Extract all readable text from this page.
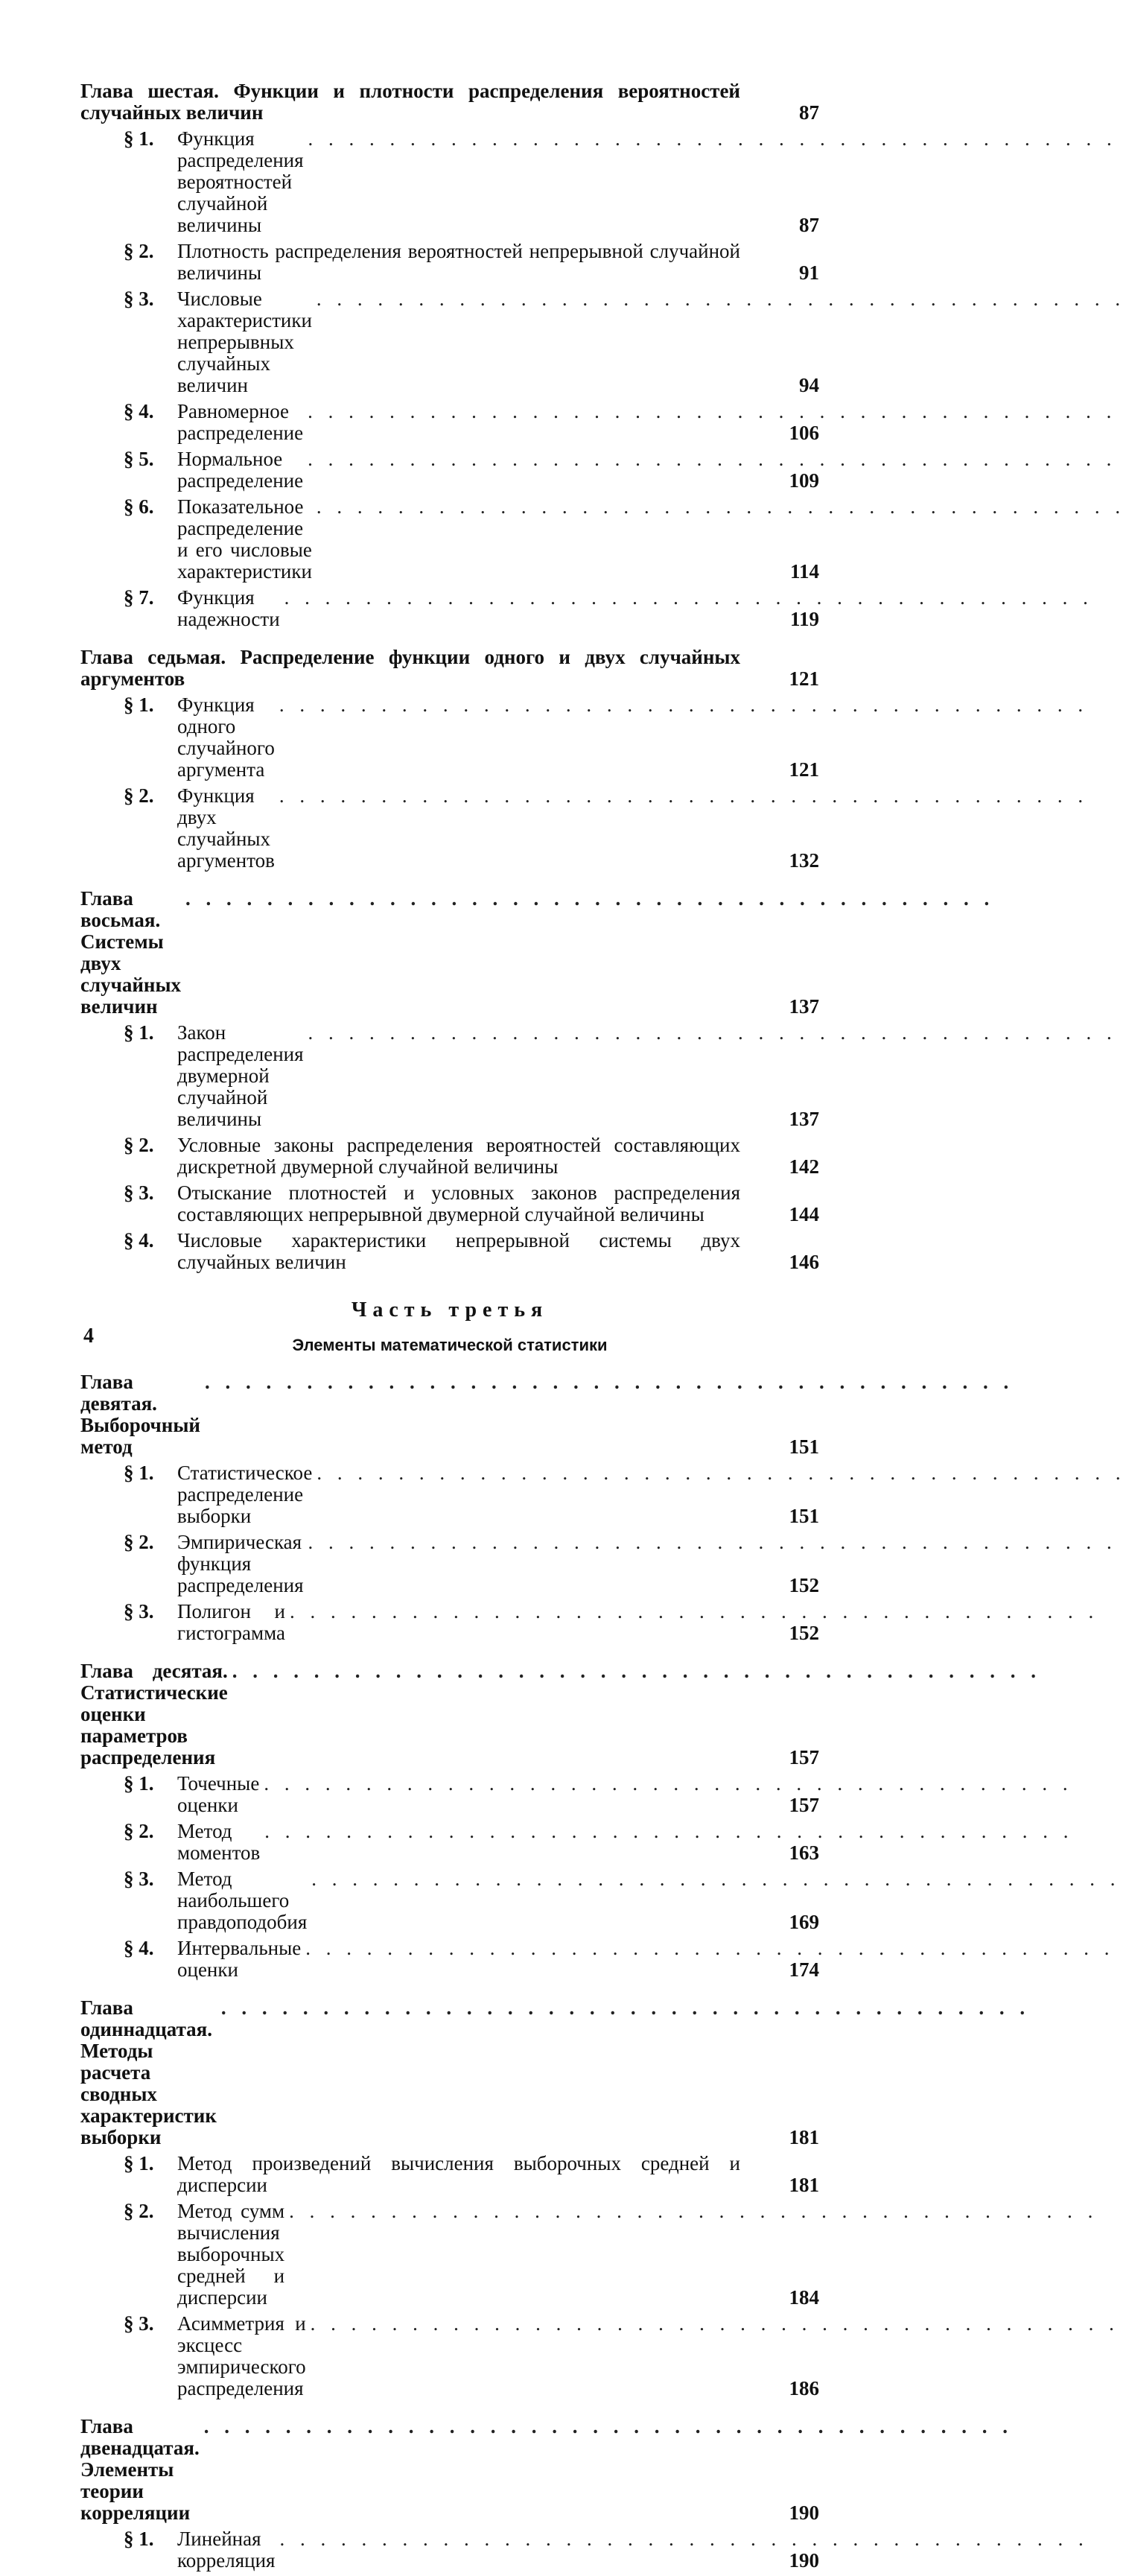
Глава шестая. Функции и плотности распределения вероятностей случайных величин	87
§ 1.	Функция распределения вероятностей случайной величины
. . . . . . . . . . . . . . . . . . . . . . . . . . . . . . . . . . . . . . . .
87
§ 2.	Плотность распределения вероятностей непрерывной случайной величины	91
§ 3.	Числовые характеристики непрерывных случайных величин
. . . . . . . . . . . . . . . . . . . . . . . . . . . . . . . . . . . . . . . .
94
§ 4.	Равномерное распределение
. . . . . . . . . . . . . . . . . . . . . . . . . . . . . . . . . . . . . . . .
106
§ 5.	Нормальное распределение
. . . . . . . . . . . . . . . . . . . . . . . . . . . . . . . . . . . . . . . .
109
§ 6.	Показательное распределение и его числовые характеристики
. . . . . . . . . . . . . . . . . . . . . . . . . . . . . . . . . . . . . . . .
114
§ 7.	Функция надежности
. . . . . . . . . . . . . . . . . . . . . . . . . . . . . . . . . . . . . . . .
119
Глава седьмая. Распределение функции одного и двух случайных аргументов	121
§ 1.	Функция одного случайного аргумента
. . . . . . . . . . . . . . . . . . . . . . . . . . . . . . . . . . . . . . . .
121
§ 2.	Функция двух случайных аргументов
. . . . . . . . . . . . . . . . . . . . . . . . . . . . . . . . . . . . . . . .
132
Глава восьмая. Системы двух случайных величин
. . . . . . . . . . . . . . . . . . . . . . . . . . . . . . . . . . . . . . . .
137
§ 1.	Закон распределения двумерной случайной величины
. . . . . . . . . . . . . . . . . . . . . . . . . . . . . . . . . . . . . . . .
137
§ 2.	Условные законы распределения вероятностей составляющих дискретной двумерной случайной величины	142
§ 3.	Отыскание плотностей и условных законов распределения составляющих непрерывной двумерной случайной величины	144
§ 4.	Числовые характеристики непрерывной системы двух случайных величин	146
Часть третья
Элементы математической статистики
Глава девятая. Выборочный метод
. . . . . . . . . . . . . . . . . . . . . . . . . . . . . . . . . . . . . . . .
151
§ 1.	Статистическое распределение выборки
. . . . . . . . . . . . . . . . . . . . . . . . . . . . . . . . . . . . . . . .
151
§ 2.	Эмпирическая функция распределения
. . . . . . . . . . . . . . . . . . . . . . . . . . . . . . . . . . . . . . . .
152
§ 3.	Полигон и гистограмма
. . . . . . . . . . . . . . . . . . . . . . . . . . . . . . . . . . . . . . . .
152
Глава десятая. Статистические оценки параметров распределения
. . . . . . . . . . . . . . . . . . . . . . . . . . . . . . . . . . . . . . . .
157
§ 1.	Точечные оценки
. . . . . . . . . . . . . . . . . . . . . . . . . . . . . . . . . . . . . . . .
157
§ 2.	Метод моментов
. . . . . . . . . . . . . . . . . . . . . . . . . . . . . . . . . . . . . . . .
163
§ 3.	Метод наибольшего правдоподобия
. . . . . . . . . . . . . . . . . . . . . . . . . . . . . . . . . . . . . . . .
169
§ 4.	Интервальные оценки
. . . . . . . . . . . . . . . . . . . . . . . . . . . . . . . . . . . . . . . .
174
Глава одиннадцатая. Методы расчета сводных характеристик выборки
. . . . . . . . . . . . . . . . . . . . . . . . . . . . . . . . . . . . . . . .
181
§ 1.	Метод произведений вычисления выборочных средней и дисперсии	181
§ 2.	Метод сумм вычисления выборочных средней и дисперсии
. . . . . . . . . . . . . . . . . . . . . . . . . . . . . . . . . . . . . . . .
184
§ 3.	Асимметрия и эксцесс эмпирического распределения
. . . . . . . . . . . . . . . . . . . . . . . . . . . . . . . . . . . . . . . .
186
Глава двенадцатая. Элементы теории корреляции
. . . . . . . . . . . . . . . . . . . . . . . . . . . . . . . . . . . . . . . .
190
§ 1.	Линейная корреляция
. . . . . . . . . . . . . . . . . . . . . . . . . . . . . . . . . . . . . . . .
190
4
